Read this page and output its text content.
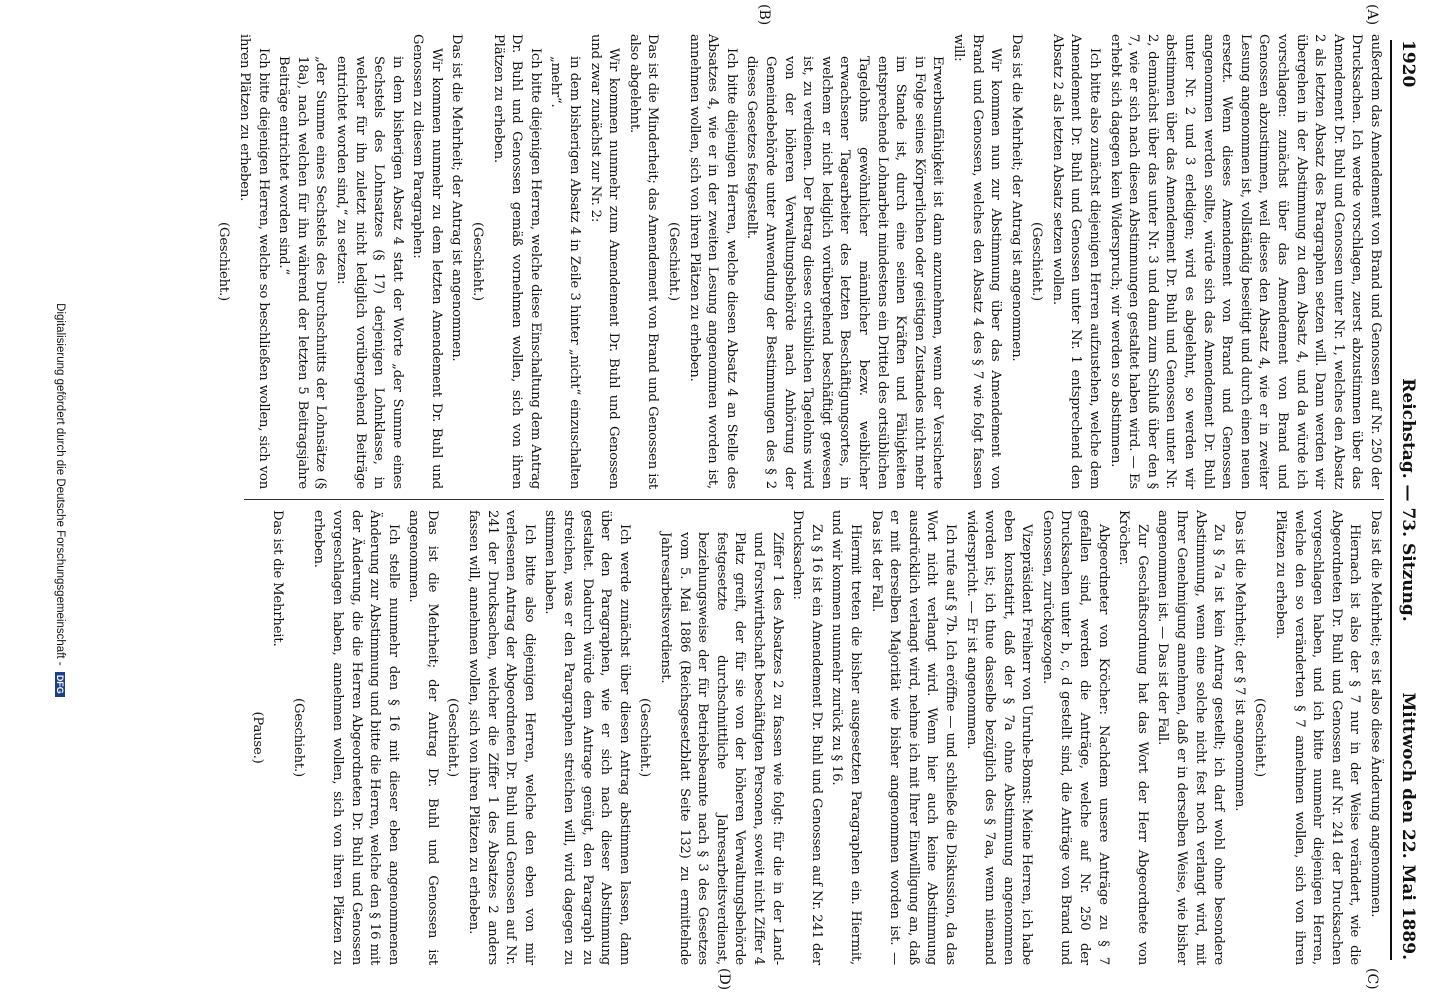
1920
Reichstag. — 73. Sitzung.
Mittwoch den 22. Mai 1889.
(A)
(B)
(C)
(D)

außerdem das Amendement von Brand und Genossen auf Nr. 250 der Drucksachen. Ich werde vorschlagen, zuerst abzustimmen über das Amendement Dr. Buhl und Genossen unter Nr. 1, welches den Absatz 2 als letzten Absatz des Paragraphen setzen will. Dann werden wir übergehen in der Abstimmung zu dem Absatz 4, und da würde ich vorschlagen: zunächst über das Amendement von Brand und Genossen abzustimmen, weil dieses den Absatz 4, wie er in zweiter Lesung angenommen ist, vollständig beseitigt und durch einen neuen ersetzt. Wenn dieses Amendement von Brand und Genossen angenommen werden sollte, würde sich das Amendement Dr. Buhl unter Nr. 2 und 3 erledigen; wird es abgelehnt, so werden wir abstimmen über das Amendement Dr. Buhl und Genossen unter Nr. 2, demnächst über das unter Nr. 3 und dann zum Schluß über den § 7, wie er sich nach diesen Abstimmungen gestaltet haben wird. — Es erhebt sich dagegen kein Widerspruch; wir werden so abstimmen.

Ich bitte also zunächst diejenigen Herren aufzustehen, welche dem Amendement Dr. Buhl und Genossen unter Nr. 1 entsprechend den Absatz 2 als letzten Absatz setzen wollen.

(Geschieht.)

Das ist die Mehrheit; der Antrag ist angenommen.

Wir kommen nun zur Abstimmung über das Amendement von Brand und Genossen, welches den Absatz 4 des § 7 wie folgt fassen will:

Erwerbsunfähigkeit ist dann anzunehmen, wenn der Versicherte in Folge seines Körperlichen oder geistigen Zustandes nicht mehr im Stande ist, durch eine seinen Kräften und Fähigkeiten entsprechende Lohnarbeit mindestens ein Drittel des ortsüblichen Tagelohns gewöhnlicher männlicher bezw. weiblicher erwachsener Tagearbeiter des letzten Beschäftigungsortes, in welchem er nicht lediglich vorübergehend beschäftigt gewesen ist, zu verdienen. Der Betrag dieses ortsüblichen Tagelohns wird von der höheren Verwaltungsbehörde nach Anhörung der Gemeindebehörde unter Anwendung der Bestimmungen des § 2 dieses Gesetzes festgestellt.

Ich bitte diejenigen Herren, welche diesen Absatz 4 an Stelle des Absatzes 4, wie er in der zweiten Lesung angenommen worden ist, annehmen wollen, sich von ihren Plätzen zu erheben.

(Geschieht.)

Das ist die Minderheit; das Amendement von Brand und Genossen ist also abgelehnt.

Wir kommen nunmehr zum Amendement Dr. Buhl und Genossen und zwar zunächst zur Nr. 2:

in dem bisherigen Absatz 4 in Zeile 3 hinter „nicht“ einzuschalten „mehr“.

Ich bitte diejenigen Herren, welche diese Einschaltung dem Antrag Dr. Buhl und Genossen gemäß vornehmen wollen, sich von ihren Plätzen zu erheben.

(Geschieht.)

Das ist die Mehrheit; der Antrag ist angenommen.

Wir kommen nunmehr zu dem letzten Amendement Dr. Buhl und Genossen zu diesem Paragraphen:

in dem bisherigen Absatz 4 statt der Worte „der Summe eines Sechstels des Lohnsatzes (§ 17) derjenigen Lohnklasse, in welcher für ihn zuletzt nicht lediglich vorübergehend Beiträge entrichtet worden sind,“ zu setzen:

„der Summe eines Sechstels des Durchschnitts der Lohnsätze (§ 18a), nach welchen für ihn während der letzten 5 Beitragsjahre Beiträge entrichtet worden sind.“

Ich bitte diejenigen Herren, welche so beschließen wollen, sich von ihren Plätzen zu erheben.

(Geschieht.)

Das ist die Mehrheit; es ist also diese Änderung angenommen.

Hiernach ist also der § 7 nur in der Weise verändert, wie die Abgeordneten Dr. Buhl und Genossen auf Nr. 241 der Drucksachen vorgeschlagen haben, und ich bitte nunmehr diejenigen Herren, welche den so veränderten § 7 annehmen wollen, sich von ihren Plätzen zu erheben.

(Geschieht.)

Das ist die Mehrheit; der § 7 ist angenommen.

Zu § 7a ist kein Antrag gestellt; ich darf wohl ohne besondere Abstimmung, wenn eine solche nicht fest noch verlangt wird, mit Ihrer Genehmigung annehmen, daß er in derselben Weise, wie bisher angenommen ist. — Das ist der Fall.

Zur Geschäftsordnung hat das Wort der Herr Abgeordnete von Kröcher.

Abgeordneter von Kröcher: Nachdem unsere Anträge zu § 7 gefallen sind, werden die Anträge, welche auf Nr. 250 der Drucksachen unter b, c, d gestellt sind, die Anträge von Brand und Genossen, zurückgezogen.

Vizepräsident Freiherr von Unruhe-Bomst: Meine Herren, ich habe eben konstatirt, daß der § 7a ohne Abstimmung angenommen worden ist; ich thue dasselbe bezüglich des § 7aa, wenn niemand widerspricht. — Er ist angenommen.

Ich rufe auf § 7b. Ich eröffne — und schließe die Diskussion, da das Wort nicht verlangt wird. Wenn hier auch keine Abstimmung ausdrücklich verlangt wird, nehme ich mit Ihrer Einwilligung an, daß er mit derselben Majorität wie bisher angenommen worden ist. — Das ist der Fall.

Hiermit treten die bisher ausgesetzten Paragraphen ein. Hiermit, und wir kommen nunmehr zurück zu § 16.

Zu § 16 ist ein Amendement Dr. Buhl und Genossen auf Nr. 241 der Drucksachen:

Ziffer 1 des Absatzes 2 zu fassen wie folgt: für die in der Land- und Forstwirthschaft beschäftigten Personen, soweit nicht Ziffer 4 Platz greift, der für sie von der höheren Verwaltungsbehörde festgesetzte durchschnittliche Jahresarbeitsverdienst, beziehungsweise der für Betriebsbeamte nach § 3 des Gesetzes vom 5. Mai 1886 (Reichsgesetzblatt Seite 132) zu ermittelnde Jahresarbeitsverdienst.

(Geschieht.)

Ich werde zunächst über diesen Antrag abstimmen lassen, dann über den Paragraphen, wie er sich nach dieser Abstimmung gestaltet. Dadurch würde dem Antrage genügt, den Paragraph zu streichen, was er den Paragraphen streichen will, wird dagegen zu stimmen haben.

Ich bitte also diejenigen Herren, welche den eben von mir verlesenen Antrag der Abgeordneten Dr. Buhl und Genossen auf Nr. 241 der Drucksachen, welcher die Ziffer 1 des Absatzes 2 anders fassen will, annehmen wollen, sich von ihren Plätzen zu erheben.

(Geschieht.)

Das ist die Mehrheit; der Antrag Dr. Buhl und Genossen ist angenommen.

Ich stelle nunmehr den § 16 mit dieser eben angenommenen Änderung zur Abstimmung und bitte die Herren, welche den § 16 mit der Änderung, die die Herren Abgeordneten Dr. Buhl und Genossen vorgeschlagen haben, annehmen wollen, sich von ihren Plätzen zu erheben.

(Geschieht.)

Das ist die Mehrheit.

(Pause.)

Digitalisierung gefördert durch die Deutsche Forschungsgemeinschaft - DFG
